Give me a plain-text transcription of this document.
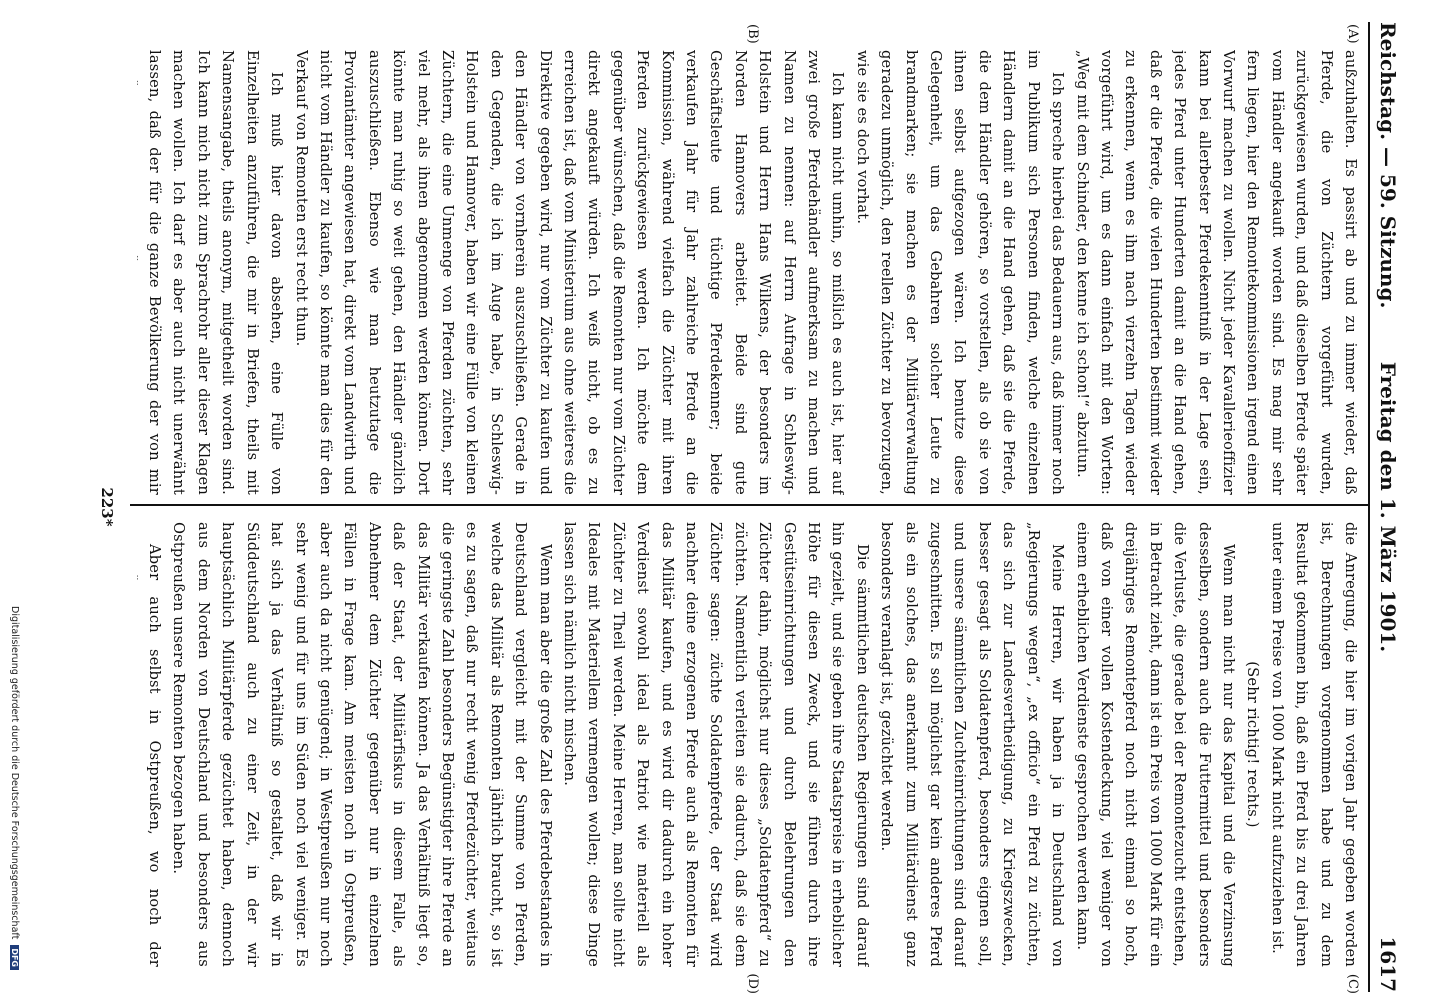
Reichstag. — 59. Sitzung.
Freitag den 1. März 1901.
1617
(A)
(B)
(C)
(D)

außzuhalten. Es passirt ab und zu immer wieder, daß Pferde, die von Züchtern vorgeführt wurden, zurückgewiesen wurden, und daß dieselben Pferde später vom Händler angekauft worden sind. Es mag mir sehr fern liegen, hier den Remontekommissionen irgend einen Vorwurf machen zu wollen. Nicht jeder Kavallerieoffizier kann bei allerbester Pferdekenntniß in der Lage sein, jedes Pferd unter Hunderten damit an die Hand gehen, daß er die Pferde, die vielen Hunderten bestimmt wieder zu erkennen, wenn es ihm nach vierzehn Tagen wieder vorgeführt wird, um es dann einfach mit den Worten: „Weg mit dem Schinder, den kenne ich schon!“ abzutun.

Ich spreche hierbei das Bedauern aus, daß immer noch im Publikum sich Personen finden, welche einzelnen Händlern damit an die Hand gehen, daß sie die Pferde, die dem Händler gehören, so vorstellen, als ob sie von ihnen selbst aufgezogen wären. Ich benutze diese Gelegenheit, um das Gebahren solcher Leute zu brandmarken; sie machen es der Militärverwaltung geradezu unmöglich, den reellen Züchter zu bevorzugen, wie sie es doch vorhat.

Ich kann nicht umhin, so mißlich es auch ist, hier auf zwei große Pferdehändler aufmerksam zu machen und Namen zu nennen: auf Herrn Aufrage in Schleswig-Holstein und Herrn Hans Wilkens, der besonders im Norden Hannovers arbeitet. Beide sind gute Geschäftsleute und tüchtige Pferdekenner; beide verkaufen Jahr für Jahr zahlreiche Pferde an die Kommission, während vielfach die Züchter mit ihren Pferden zurückgewiesen werden. Ich möchte dem gegenüber wünschen, daß die Remonten nur vom Züchter direkt angekauft würden. Ich weiß nicht, ob es zu erreichen ist, daß vom Ministerium aus ohne weiteres die Direktive gegeben wird, nur vom Züchter zu kaufen und den Händler von vornherein auszuschließen. Gerade in den Gegenden, die ich im Auge habe, in Schleswig-Holstein und Hannover, haben wir eine Fülle von kleinen Züchtern, die eine Unmenge von Pferden züchten, sehr viel mehr, als ihnen abgenommen werden können. Dort könnte man ruhig so weit gehen, den Händler gänzlich auszuschließen. Ebenso wie man heutzutage die Proviantämter angewiesen hat, direkt vom Landwirth und nicht vom Händler zu kaufen, so könnte man dies für den Verkauf von Remonten erst recht thun.

Ich muß hier davon absehen, eine Fülle von Einzelheiten anzuführen, die mir in Briefen, theils mit Namensangabe, theils anonym, mitgetheilt worden sind. Ich kann mich nicht zum Sprachrohr aller dieser Klagen machen wollen. Ich darf es aber auch nicht unerwähnt lassen, daß der für die ganze Bevölkerung der von mir

die Anregung, die hier im vorigen Jahr gegeben worden ist, Berechnungen vorgenommen habe und zu dem Resultat gekommen bin, daß ein Pferd bis zu drei Jahren unter einem Preise von 1000 Mark nicht aufzuziehen ist.

(Sehr richtig! rechts.)

Wenn man nicht nur das Kapital und die Verzinsung desselben, sondern auch die Futtermittel und besonders die Verluste, die gerade bei der Remontezucht entstehen, in Betracht zieht, dann ist ein Preis von 1000 Mark für ein dreijähriges Remontepferd noch nicht einmal so hoch, daß von einer vollen Kostendeckung, viel weniger von einem erheblichen Verdienste gesprochen werden kann.

Meine Herren, wir haben ja in Deutschland von „Regierungs wegen“, „ex officio“ ein Pferd zu züchten, das sich zur Landesvertheidigung, zu Kriegszwecken, besser gesagt als Soldatenpferd, besonders eignen soll, und unsere sämmtlichen Zuchteinrichtungen sind darauf zugeschnitten. Es soll möglichst gar kein anderes Pferd als ein solches, das anerkannt zum Militärdienst ganz besonders veranlagt ist, gezüchtet werden.

Die sämmtlichen deutschen Regierungen sind darauf hin gezielt, und sie geben ihre Staatspreise in erheblicher Höhe für diesen Zweck, und sie führen durch ihre Gestütseinrichtungen und durch Belehrungen den Züchter dahin, möglichst nur dieses „Soldatenpferd“ zu züchten. Namentlich verleiten sie dadurch, daß sie dem Züchter sagen: züchte Soldatenpferde, der Staat wird nachher deine erzogenen Pferde auch als Remonten für das Militär kaufen, und es wird dir dadurch ein hoher Verdienst sowohl ideal als Patriot wie materiell als Züchter zu Theil werden. Meine Herren, man sollte nicht Ideales mit Materiellem vermengen wollen; diese Dinge lassen sich nämlich nicht mischen.

Wenn man aber die große Zahl des Pferdebestandes in Deutschland vergleicht mit der Summe von Pferden, welche das Militär als Remonten jährlich braucht, so ist es zu sagen, daß nur recht wenig Pferdezüchter, weitaus die geringste Zahl besonders Begünstigter ihre Pferde an das Militär verkaufen können. Ja das Verhältniß liegt so, daß der Staat, der Militärfiskus in diesem Falle, als Abnehmer dem Züchter gegenüber nur in einzelnen Fällen in Frage kam. Am meisten noch in Ostpreußen, aber auch da nicht genügend; in Westpreußen nur noch sehr wenig und für uns im Süden noch viel weniger. Es hat sich ja das Verhältniß so gestaltet, daß wir in Süddeutschland auch zu einer Zeit, in der wir hauptsächlich Militärpferde gezüchtet haben, dennoch aus dem Norden von Deutschland und besonders aus Ostpreußen unsere Remonten bezogen haben.

Aber auch selbst in Ostpreußen, wo noch der

223*
Digitalisierung gefördert durch die Deutsche ForschungsgemeinschaftDFG
